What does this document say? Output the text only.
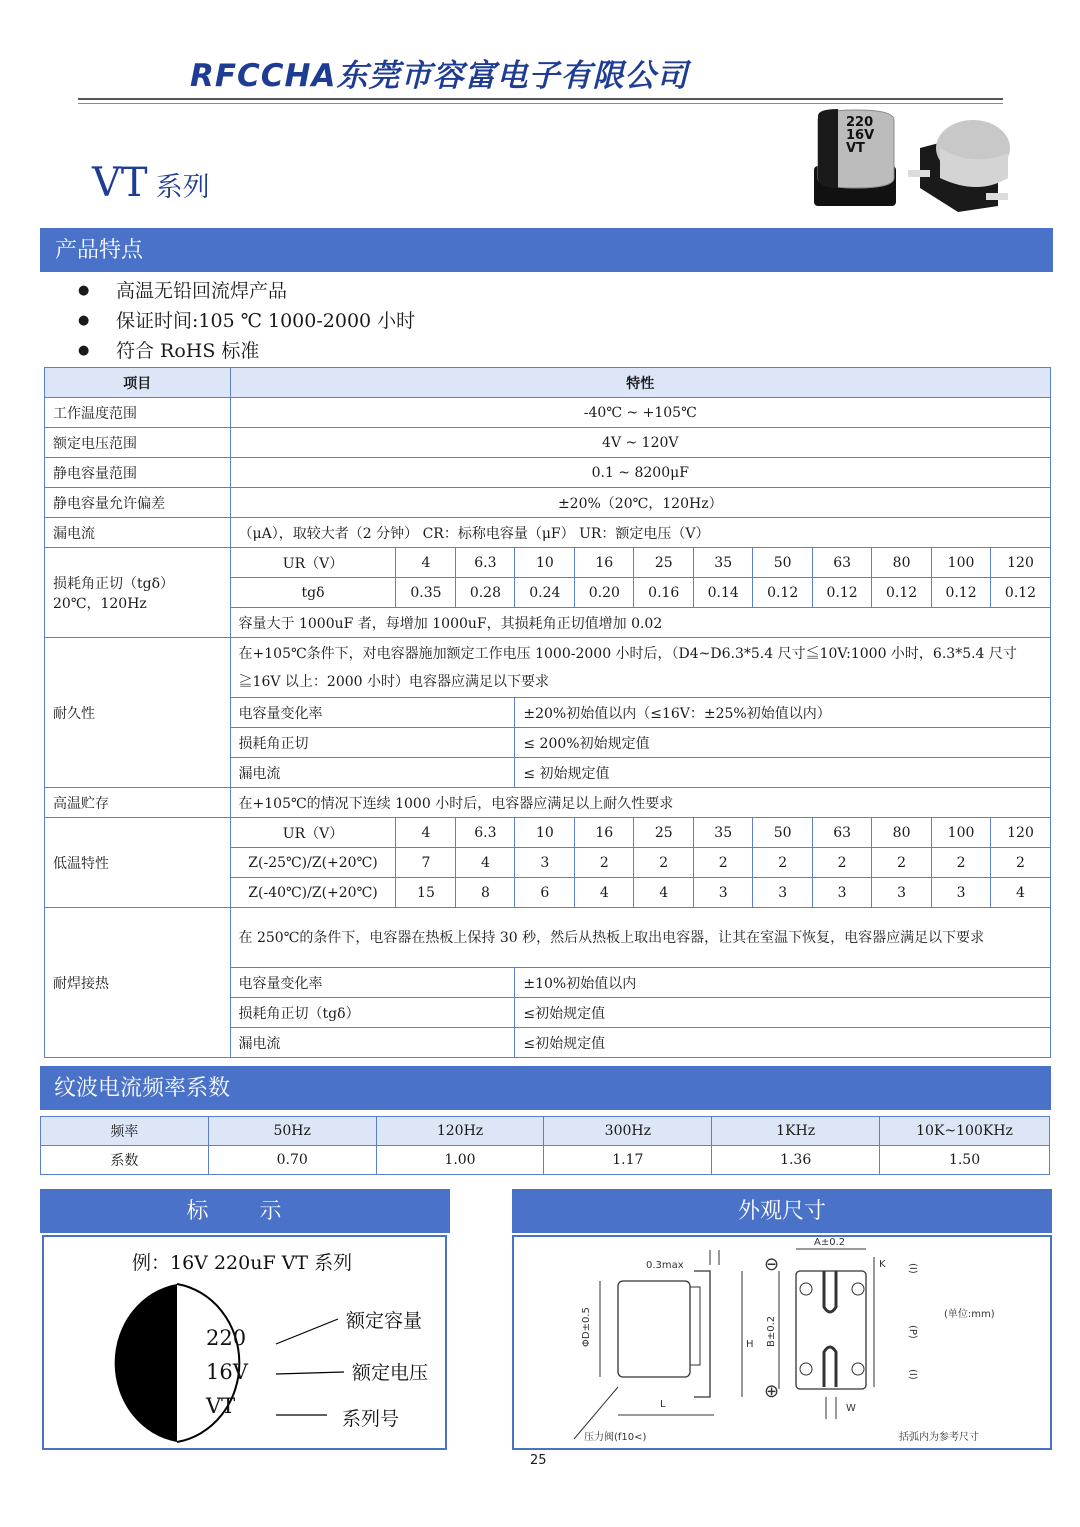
RFCCHA东莞市容富电子有限公司
VT 系列
220
16V
VT
产品特点
● 高温无铅回流焊产品
● 保证时间:105 ℃ 1000-2000 小时
● 符合 RoHS 标准
项目	特性											
工作温度范围	-40℃ ~ +105℃											
额定电压范围	4V ~ 120V											
静电容量范围	0.1 ~ 8200μF											
静电容量允许偏差	±20%（20℃，120Hz）											
漏电流	（μA），取较大者（2 分钟） CR：标称电容量（μF） UR：额定电压（V）											

损耗角正切（tgδ）
20℃，120Hz	UR（V）	4	6.3	10	16	25	35	50	63	80	100	120
	tgδ	0.35	0.28	0.24	0.20	0.16	0.14	0.12	0.12	0.12	0.12	0.12
	容量大于 1000uF 者，每增加 1000uF，其损耗角正切值增加 0.02											
耐久性	在+105℃条件下，对电容器施加额定工作电压 1000-2000 小时后，（D4~D6.3*5.4 尺寸≦10V:1000 小时，6.3*5.4 尺寸≧16V 以上：2000 小时）电容器应满足以下要求											
	电容量变化率			±20%初始值以内（≤16V：±25%初始值以内）								
	损耗角正切			≤ 200%初始规定值								
	漏电流			≤ 初始规定值								
高温贮存	在+105℃的情况下连续 1000 小时后，电容器应满足以上耐久性要求											
低温特性	UR（V）	4	6.3	10	16	25	35	50	63	80	100	120
	Z(-25℃)/Z(+20℃)	7	4	3	2	2	2	2	2	2	2	2
	Z(-40℃)/Z(+20℃)	15	8	6	4	4	3	3	3	3	3	4
耐焊接热	在 250℃的条件下，电容器在热板上保持 30 秒，然后从热板上取出电容器，让其在室温下恢复，电容器应满足以下要求											
	电容量变化率			±10%初始值以内								
	损耗角正切（tgδ）			≤初始规定值								
	漏电流			≤初始规定值								
纹波电流频率系数
频率	50Hz	120Hz	300Hz	1KHz	10K~100KHz
系数	0.70	1.00	1.17	1.36	1.50
标 示
例：16V 220uF VT 系列
220
16V
VT
额定容量
额定电压
系列号
外观尺寸
0.3max
ΦD±0.5	H
L
压力阀(f10<)
⊖
⊕
A±0.2
B±0.2
K (I)
(P)
(I)
(单位:mm)
W
括弧内为参考尺寸
25
